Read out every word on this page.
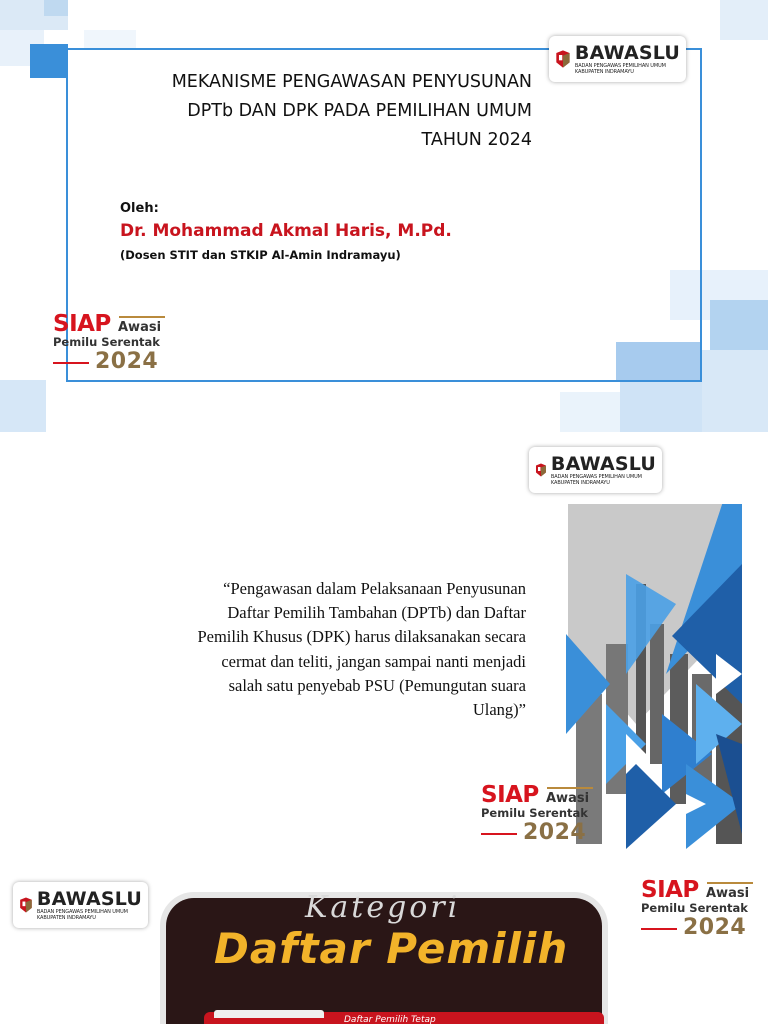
MEKANISME PENGAWASAN PENYUSUNAN
DPTb DAN DPK PADA PEMILIHAN UMUM
TAHUN 2024
Oleh:
Dr. Mohammad Akmal Haris, M.Pd.
(Dosen STIT dan STKIP Al-Amin Indramayu)
BAWASLU
BADAN PENGAWAS PEMILIHAN UMUM
KABUPATEN INDRAMAYU
SIAP Awasi
Pemilu Serentak
2024
BAWASLU
BADAN PENGAWAS PEMILIHAN UMUM
KABUPATEN INDRAMAYU
“Pengawasan dalam Pelaksanaan Penyusunan
Daftar Pemilih Tambahan (DPTb) dan Daftar
Pemilih Khusus (DPK) harus dilaksanakan secara
cermat dan teliti, jangan sampai nanti menjadi
salah satu penyebab PSU (Pemungutan suara
Ulang)”
SIAP Awasi
Pemilu Serentak
2024
BAWASLU
BADAN PENGAWAS PEMILIHAN UMUM
KABUPATEN INDRAMAYU	Kategori
Daftar Pemilih
Daftar Pemilih Tetap
SIAP Awasi
Pemilu Serentak
2024
